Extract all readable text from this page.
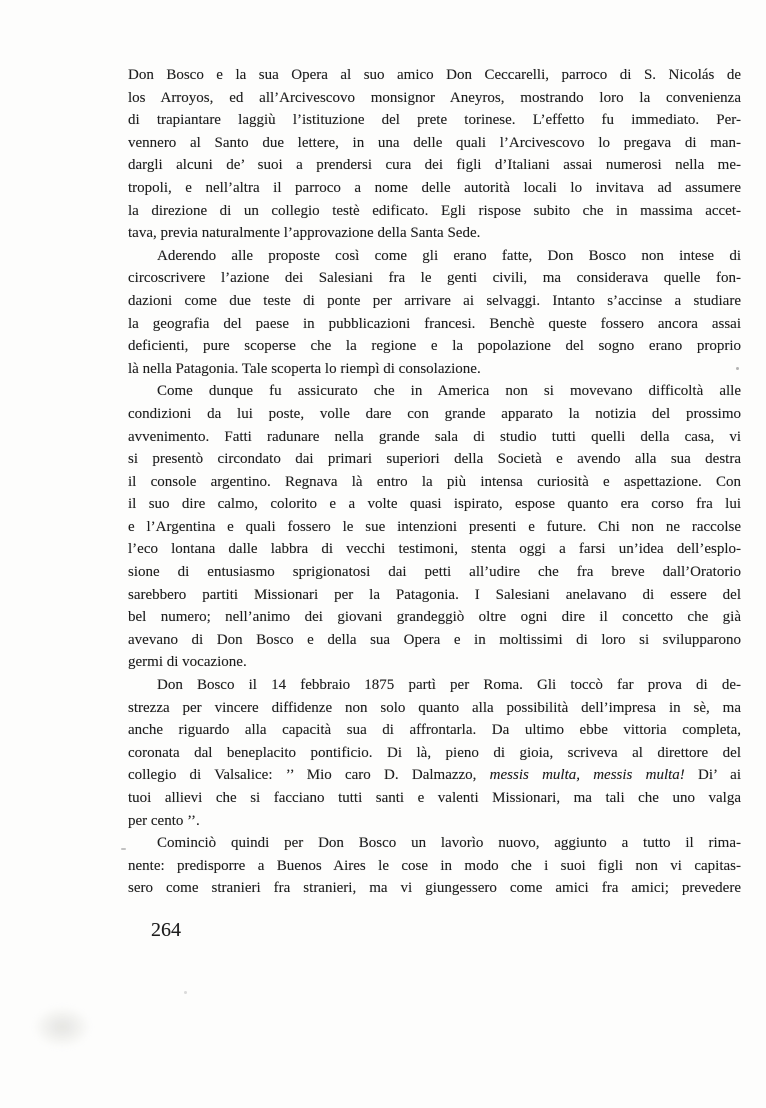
Don Bosco e la sua Opera al suo amico Don Ceccarelli, parroco di S. Nicolás de
los Arroyos, ed all’Arcivescovo monsignor Aneyros, mostrando loro la convenienza
di trapiantare laggiù l’istituzione del prete torinese. L’effetto fu immediato. Per-
vennero al Santo due lettere, in una delle quali l’Arcivescovo lo pregava di man-
dargli alcuni de’ suoi a prendersi cura dei figli d’Italiani assai numerosi nella me-
tropoli, e nell’altra il parroco a nome delle autorità locali lo invitava ad assumere
la direzione di un collegio testè edificato. Egli rispose subito che in massima accet-
tava, previa naturalmente l’approvazione della Santa Sede.
Aderendo alle proposte così come gli erano fatte, Don Bosco non intese di
circoscrivere l’azione dei Salesiani fra le genti civili, ma considerava quelle fon-
dazioni come due teste di ponte per arrivare ai selvaggi. Intanto s’accinse a studiare
la geografia del paese in pubblicazioni francesi. Benchè queste fossero ancora assai
deficienti, pure scoperse che la regione e la popolazione del sogno erano proprio
là nella Patagonia. Tale scoperta lo riempì di consolazione.
Come dunque fu assicurato che in America non si movevano difficoltà alle
condizioni da lui poste, volle dare con grande apparato la notizia del prossimo
avvenimento. Fatti radunare nella grande sala di studio tutti quelli della casa, vi
si presentò circondato dai primari superiori della Società e avendo alla sua destra
il console argentino. Regnava là entro la più intensa curiosità e aspettazione. Con
il suo dire calmo, colorito e a volte quasi ispirato, espose quanto era corso fra lui
e l’Argentina e quali fossero le sue intenzioni presenti e future. Chi non ne raccolse
l’eco lontana dalle labbra di vecchi testimoni, stenta oggi a farsi un’idea dell’esplo-
sione di entusiasmo sprigionatosi dai petti all’udire che fra breve dall’Oratorio
sarebbero partiti Missionari per la Patagonia. I Salesiani anelavano di essere del
bel numero; nell’animo dei giovani grandeggiò oltre ogni dire il concetto che già
avevano di Don Bosco e della sua Opera e in moltissimi di loro si svilupparono
germi di vocazione.
Don Bosco il 14 febbraio 1875 partì per Roma. Gli toccò far prova di de-
strezza per vincere diffidenze non solo quanto alla possibilità dell’impresa in sè, ma
anche riguardo alla capacità sua di affrontarla. Da ultimo ebbe vittoria completa,
coronata dal beneplacito pontificio. Di là, pieno di gioia, scriveva al direttore del
collegio di Valsalice: ’’ Mio caro D. Dalmazzo, messis multa, messis multa! Di’ ai
tuoi allievi che si facciano tutti santi e valenti Missionari, ma tali che uno valga
per cento ’’.
Cominciò quindi per Don Bosco un lavorìo nuovo, aggiunto a tutto il rima-
nente: predisporre a Buenos Aires le cose in modo che i suoi figli non vi capitas-
sero come stranieri fra stranieri, ma vi giungessero come amici fra amici; prevedere
264
